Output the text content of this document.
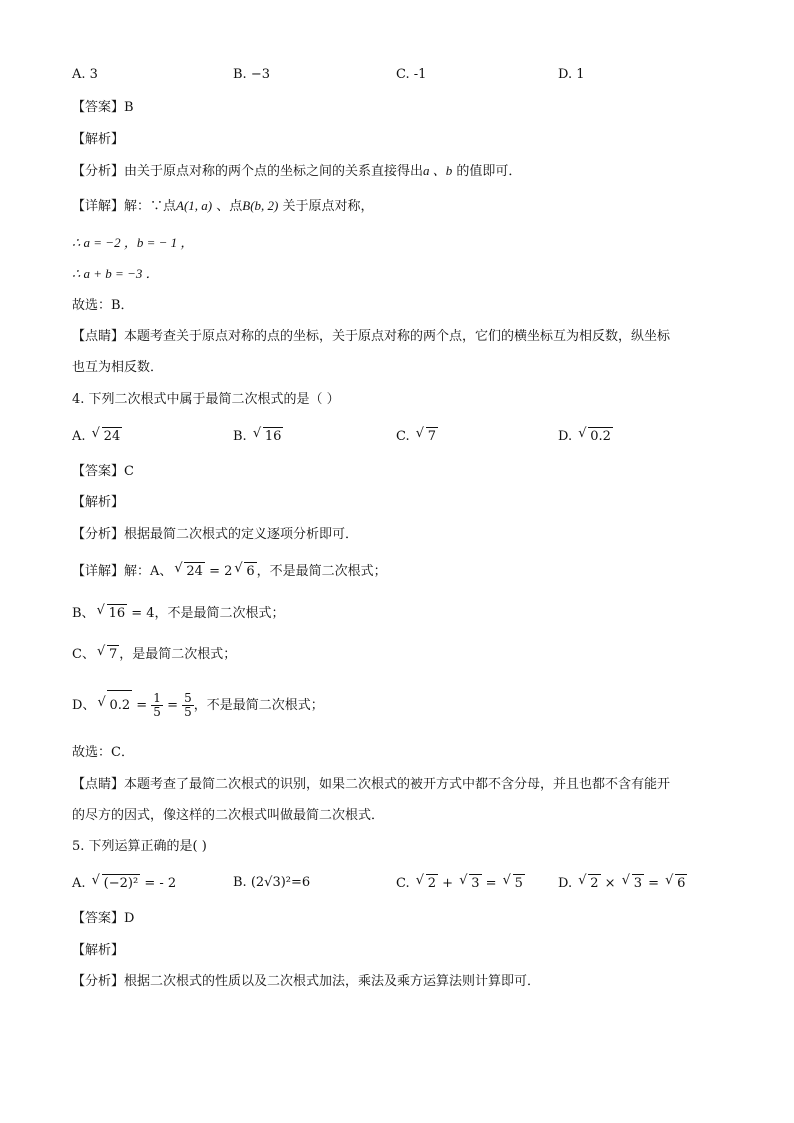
A. 3	B. −3	C. -1	D. 1
【答案】B
【解析】
【分析】由关于原点对称的两个点的坐标之间的关系直接得出a 、b 的值即可．
【详解】解：∵点A(1, a) 、点B(b, 2) 关于原点对称，
∴ a = −2 ，b = − 1 ，
∴ a + b = −3 ．
故选：B．
【点睛】本题考查关于原点对称的点的坐标，关于原点对称的两个点，它们的横坐标互为相反数，纵坐标
也互为相反数．
4. 下列二次根式中属于最简二次根式的是（ ）
A. √ 24	B. √ 16	C. √ 7	D. √ 0.2
【答案】C
【解析】
【分析】根据最简二次根式的定义逐项分析即可．
【详解】解：A、 √ 24 = 2 √ 6 ，不是最简二次根式；
B、 √ 16 = 4，不是最简二次根式；
C、 √ 7 ，是最简二次根式；
D、 √ $0.2 = \frac{1}{5} = \frac{5}{5}$ ，不是最简二次根式；
故选：C．
【点睛】本题考查了最简二次根式的识别，如果二次根式的被开方式中都不含分母，并且也都不含有能开
的尽方的因式，像这样的二次根式叫做最简二次根式．
5. 下列运算正确的是( )
A. √ (−2)² = - 2	B. (2√3)²=6	C. √ 2 + √ 3 = √ 5	D. √ 2 × √ 3 = √ 6
【答案】D
【解析】
【分析】根据二次根式的性质以及二次根式加法，乘法及乘方运算法则计算即可．
